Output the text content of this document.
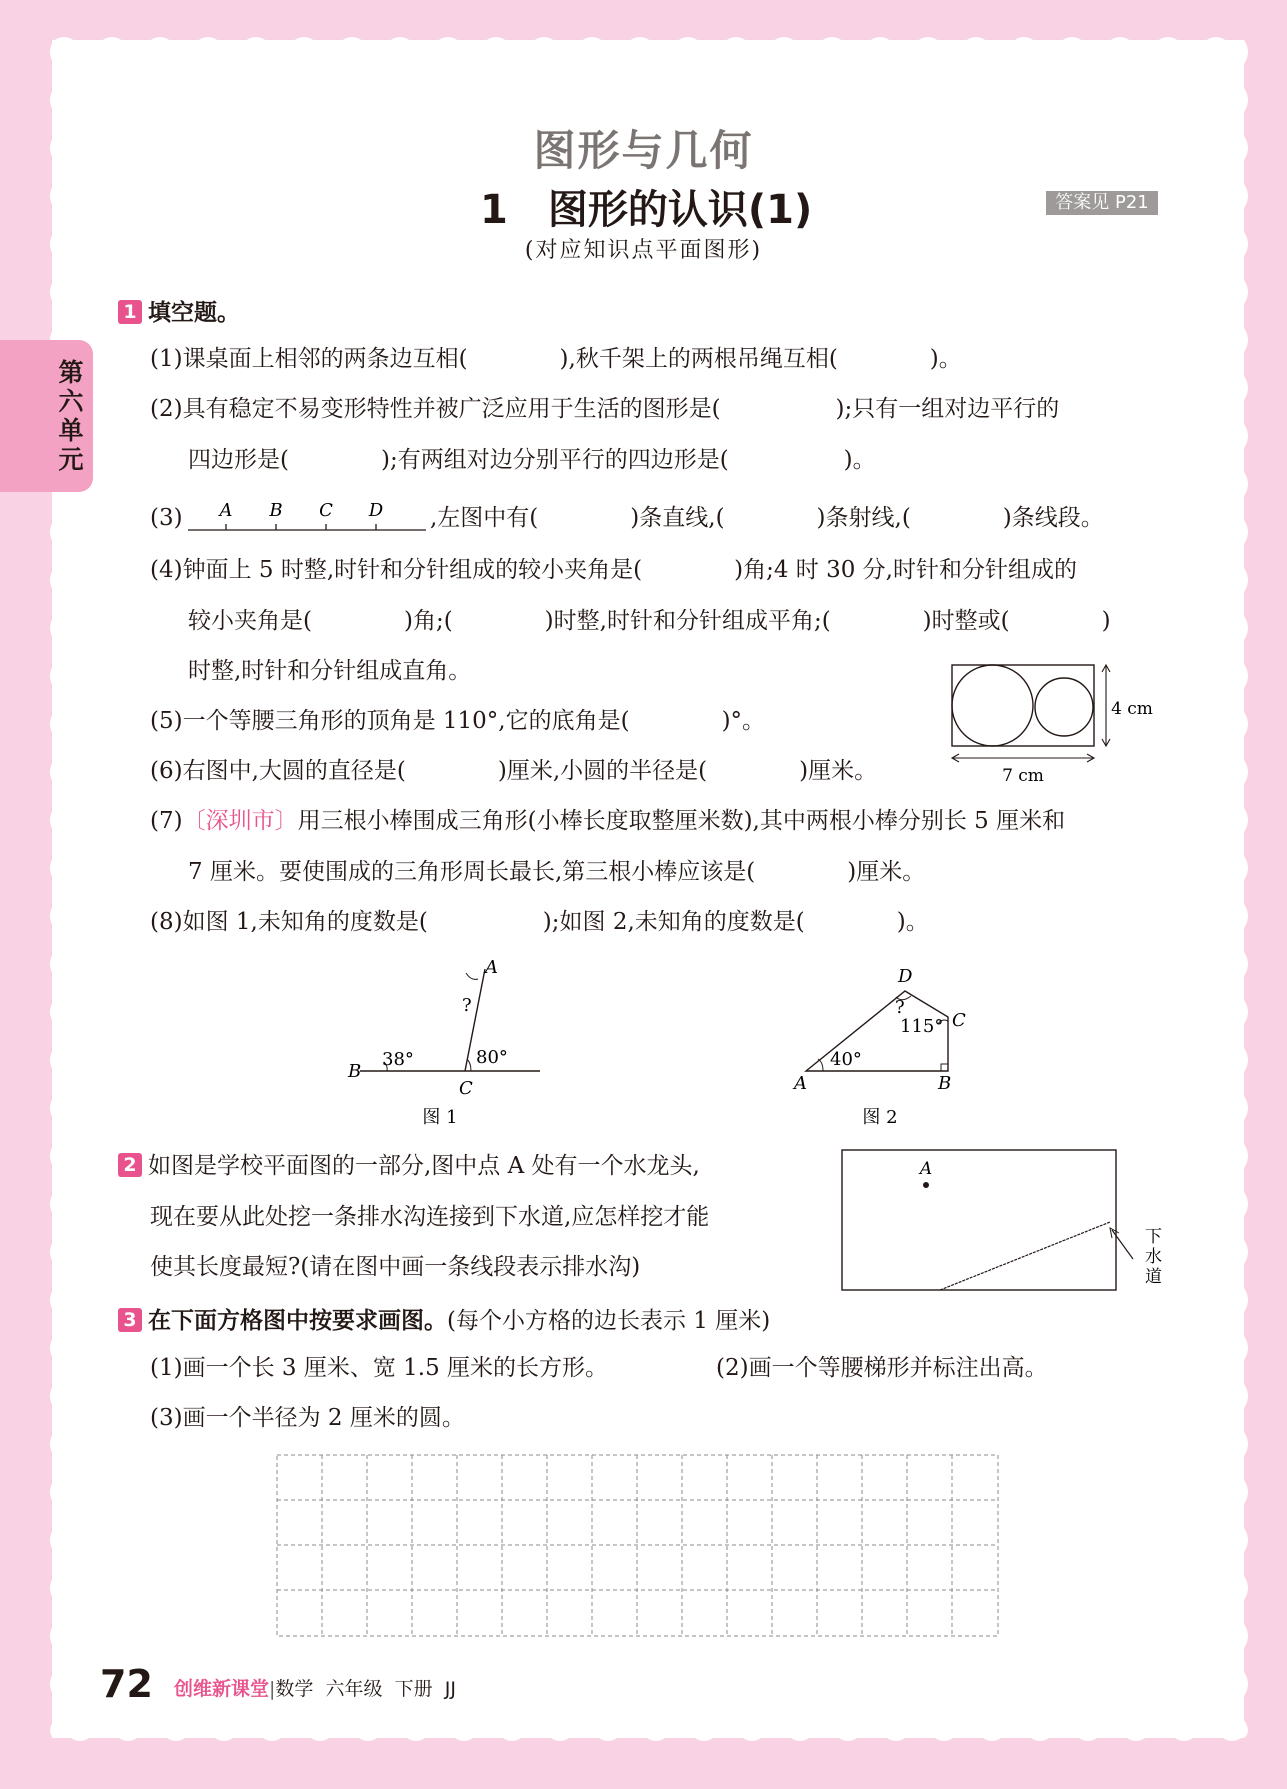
第六单元
图形与几何
1　图形的认识(1)	答案见 P21
(对应知识点平面图形)
1 填空题。
(1)课桌面上相邻的两条边互相(　　　　),秋千架上的两根吊绳互相(　　　　)。
(2)具有稳定不易变形特性并被广泛应用于生活的图形是(　　　　　);只有一组对边平行的
四边形是(　　　　);有两组对边分别平行的四边形是(　　　　　)。
(3) A B C D ,左图中有(　　　　)条直线,(　　　　)条射线,(　　　　)条线段。
(4)钟面上 5 时整,时针和分针组成的较小夹角是(　　　　)角;4 时 30 分,时针和分针组成的
较小夹角是(　　　　)角;(　　　　)时整,时针和分针组成平角;(　　　　)时整或(　　　　)
时整,时针和分针组成直角。
(5)一个等腰三角形的顶角是 110°,它的底角是(　　　　)°。
(6)右图中,大圆的直径是(　　　　)厘米,小圆的半径是(　　　　)厘米。
4 cm
7 cm
(7)〔深圳市〕用三根小棒围成三角形(小棒长度取整厘米数),其中两根小棒分别长 5 厘米和
7 厘米。要使围成的三角形周长最长,第三根小棒应该是(　　　　)厘米。
(8)如图 1,未知角的度数是(　　　　　);如图 2,未知角的度数是(　　　　)。
B
C
A
38°	80°
?
图 1
A	B
C
D
40°
115°
?
图 2
2 如图是学校平面图的一部分,图中点 A 处有一个水龙头,
现在要从此处挖一条排水沟连接到下水道,应怎样挖才能
使其长度最短?(请在图中画一条线段表示排水沟)
A
下水道
3 在下面方格图中按要求画图。(每个小方格的边长表示 1 厘米)
(1)画一个长 3 厘米、宽 1.5 厘米的长方形。	(2)画一个等腰梯形并标注出高。
(3)画一个半径为 2 厘米的圆。
72 创维新课堂|数学 六年级 下册 JJ
